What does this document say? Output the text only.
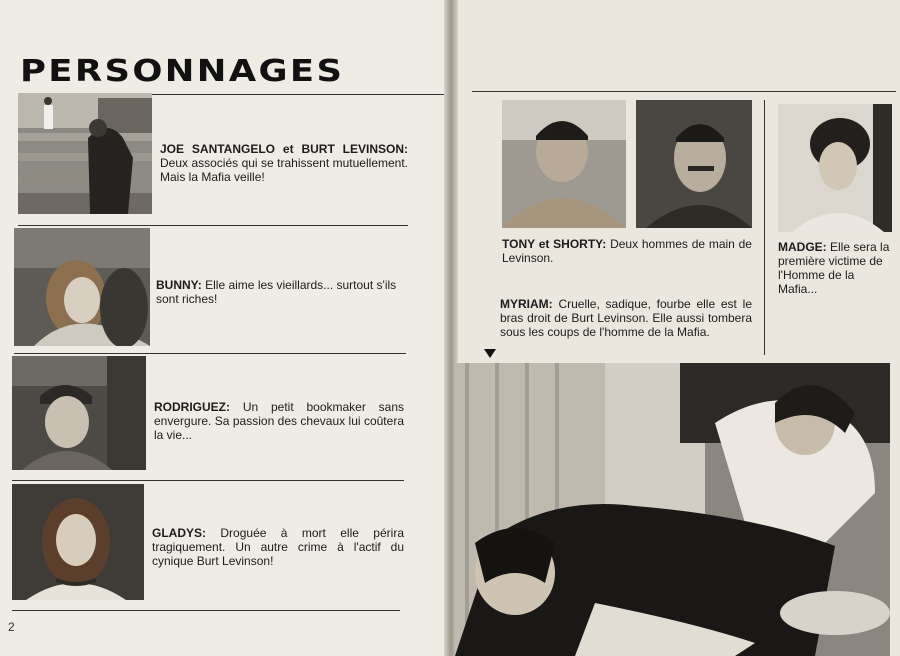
PERSONNAGES

JOE SANTANGELO et BURT LEVINSON: Deux associés qui se trahissent mutuellement. Mais la Mafia veille!

BUNNY: Elle aime les vieillards... surtout s'ils sont riches!

RODRIGUEZ: Un petit bookmaker sans envergure. Sa passion des chevaux lui coûtera la vie...

GLADYS: Droguée à mort elle périra tragiquement. Un autre crime à l'actif du cynique Burt Levinson!

2

TONY et SHORTY: Deux hommes de main de Levinson.

MADGE: Elle sera la première victime de l'Homme de la Mafia...

MYRIAM: Cruelle, sadique, fourbe elle est le bras droit de Burt Levinson. Elle aussi tombera sous les coups de l'homme de la Mafia.
